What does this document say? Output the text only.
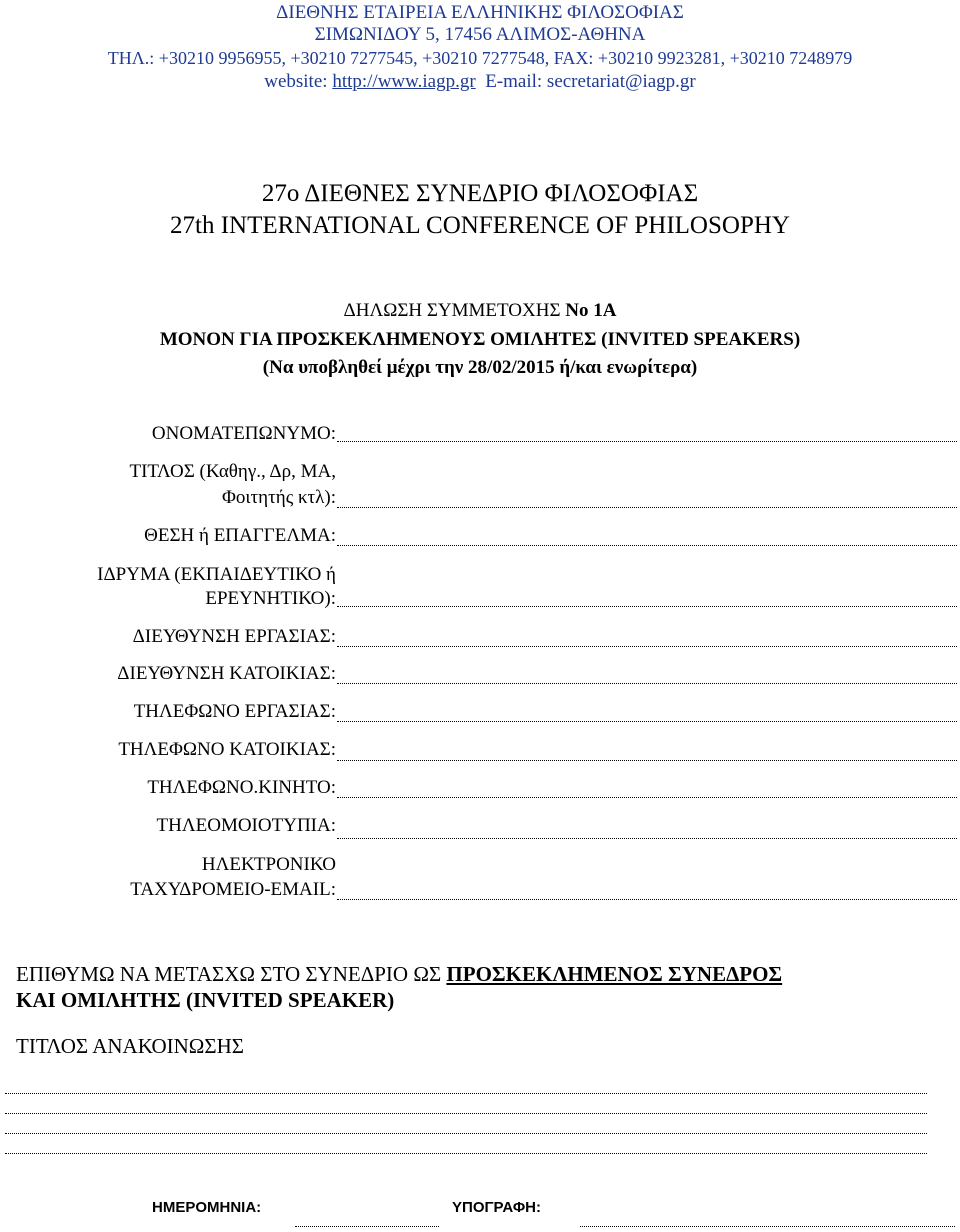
ΔΙΕΘΝΗΣ ΕΤΑΙΡΕΙΑ ΕΛΛΗΝΙΚΗΣ ΦΙΛΟΣΟΦΙΑΣ
ΣΙΜΩΝΙΔΟΥ 5, 17456 ΑΛΙΜΟΣ-ΑΘΗΝΑ
ΤΗΛ.: +30210 9956955, +30210 7277545, +30210 7277548, FAX: +30210 9923281, +30210 7248979
website: http://www.iagp.gr E-mail: secretariat@iagp.gr
27ο ΔΙΕΘΝΕΣ ΣΥΝΕΔΡΙΟ ΦΙΛΟΣΟΦΙΑΣ
27th INTERNATIONAL CONFERENCE OF PHILOSOPHY
ΔΗΛΩΣΗ ΣΥΜΜΕΤΟΧΗΣ Νο 1Α
ΜΟΝΟΝ ΓΙΑ ΠΡΟΣΚΕΚΛΗΜΕΝΟΥΣ ΟΜΙΛΗΤΕΣ (INVITED SPEAKERS)
(Να υποβληθεί μέχρι την 28/02/2015 ή/και ενωρίτερα)
ΟΝΟΜΑΤΕΠΩΝΥΜΟ:
ΤΙΤΛΟΣ (Καθηγ., Δρ, ΜΑ,
Φοιτητής κτλ):
ΘΕΣΗ ή ΕΠΑΓΓΕΛΜΑ:
ΙΔΡΥΜΑ (ΕΚΠΑΙΔΕΥΤΙΚΟ ή
ΕΡΕΥΝΗΤΙΚΟ):
ΔΙΕΥΘΥΝΣΗ ΕΡΓΑΣΙΑΣ:
ΔΙΕΥΘΥΝΣΗ ΚΑΤΟΙΚΙΑΣ:
ΤΗΛΕΦΩΝΟ ΕΡΓΑΣΙΑΣ:
ΤΗΛΕΦΩΝΟ ΚΑΤΟΙΚΙΑΣ:
ΤΗΛΕΦΩΝΟ.ΚΙΝΗΤΟ:
ΤΗΛΕΟΜΟΙΟΤΥΠΙΑ:
ΗΛΕΚΤΡΟΝΙΚΟ
ΤΑΧΥΔΡΟΜΕΙΟ-EMAIL:
ΕΠΙΘΥΜΩ ΝΑ ΜΕΤΑΣΧΩ ΣΤΟ ΣΥΝΕΔΡΙΟ ΩΣ ΠΡΟΣΚΕΚΛΗΜΕΝΟΣ ΣΥΝΕΔΡΟΣ
ΚΑΙ ΟΜΙΛΗΤΗΣ (INVITED SPEAKER)
ΤΙΤΛΟΣ ΑΝΑΚΟΙΝΩΣΗΣ
ΗΜΕΡΟΜΗΝΙΑ:	ΥΠΟΓΡΑΦΗ:
